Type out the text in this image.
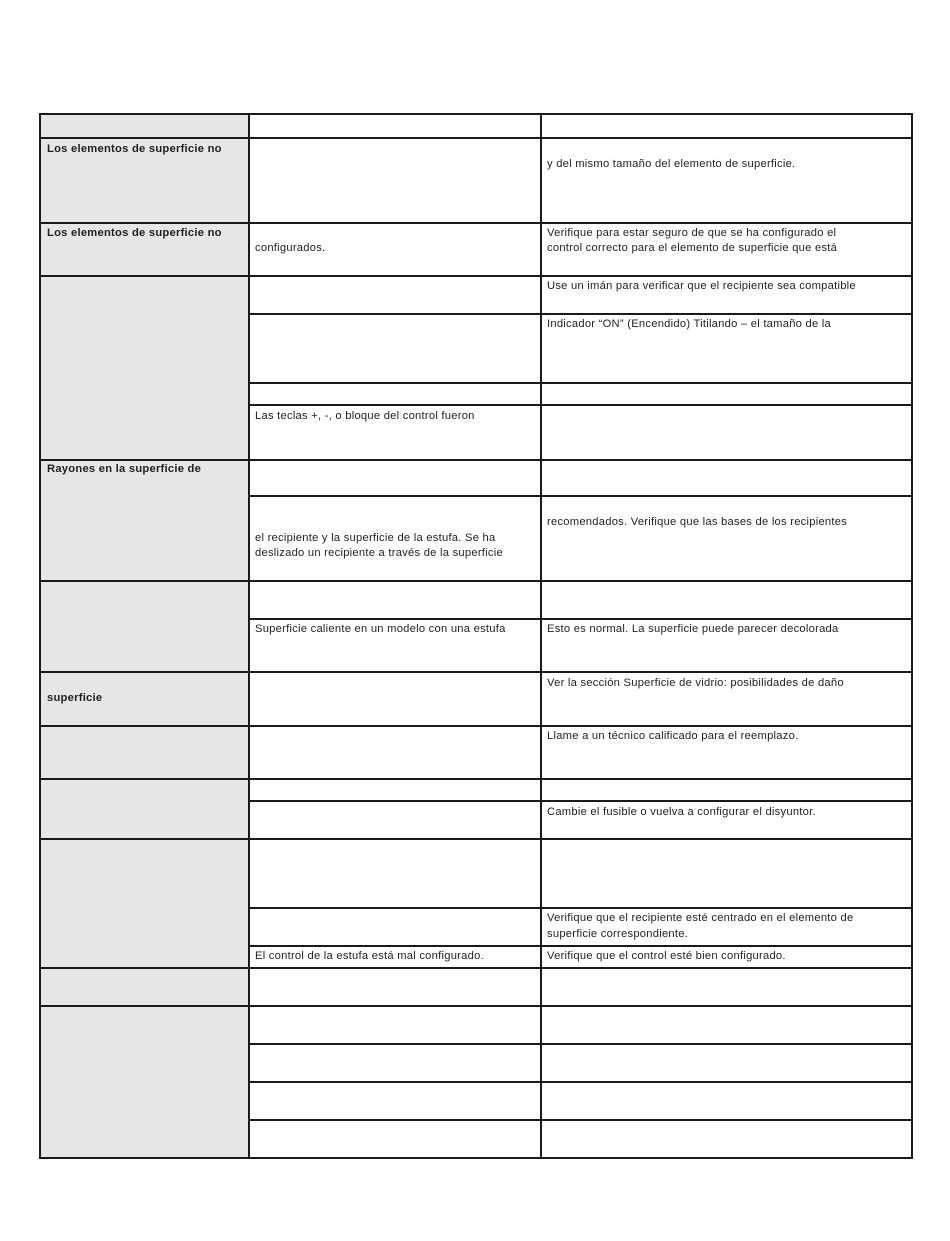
Los elementos de superficie no
y del mismo tamaño del elemento de superficie.
Los elementos de superficie no
configurados.
Verifique para estar seguro de que se ha configurado el
control correcto para el elemento de superficie que está
Use un imán para verificar que el recipiente sea compatible
Indicador “ON” (Encendido) Titilando – el tamaño de la
Las teclas +, -, o bloque del control fueron
Rayones en la superficie de
el recipiente y la superficie de la estufa. Se ha
deslizado un recipiente a través de la superficie
recomendados. Verifique que las bases de los recipientes
Superficie caliente en un modelo con una estufa	Esto es normal. La superficie puede parecer decolorada
superficie
Ver la sección Superficie de vidrio: posibilidades de daño
Llame a un técnico calificado para el reemplazo.
Cambie el fusible o vuelva a configurar el disyuntor.
Verifique que el recipiente esté centrado en el elemento de
superficie correspondiente.
El control de la estufa está mal configurado.	Verifique que el control esté bien configurado.
